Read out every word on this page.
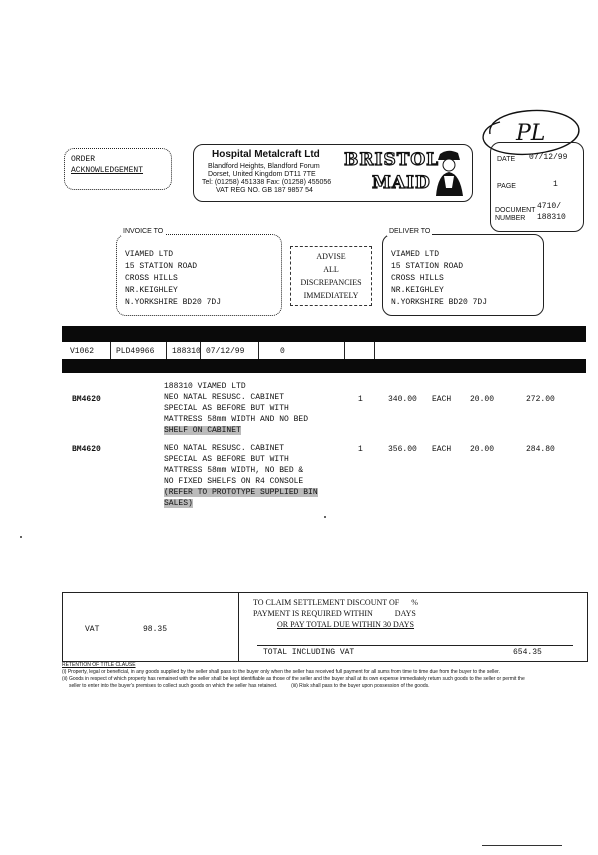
PL
ORDER
ACKNOWLEDGEMENT
Hospital Metalcraft Ltd
Blandford Heights, Blandford Forum
Dorset, United Kingdom DT11 7TE
Tel: (01258) 451338 Fax: (01258) 455056
VAT REG NO. GB 187 9857 54
BRISTOL
MAID
DATE 07/12/99
PAGE	1
DOCUMENT
NUMBER
4710/
188310
INVOICE TO
VIAMED LTD
15 STATION ROAD
CROSS HILLS
NR.KEIGHLEY
N.YORKSHIRE BD20 7DJ
ADVISE
ALL
DISCREPANCIES
IMMEDIATELY
DELIVER TO
VIAMED LTD
15 STATION ROAD
CROSS HILLS
NR.KEIGHLEY
N.YORKSHIRE BD20 7DJ
V1062	PLD49966 188310 07/12/99	0
BM4620
188310 VIAMED LTD
NEO NATAL RESUSC. CABINET
SPECIAL AS BEFORE BUT WITH
MATTRESS 58mm WIDTH AND NO BED
SHELF ON CABINET
1	340.00 EACH 20.00	272.00
BM4620	NEO NATAL RESUSC. CABINET
SPECIAL AS BEFORE BUT WITH
MATTRESS 58mm WIDTH, NO BED &
NO FIXED SHELFS ON R4 CONSOLE
(REFER TO PROTOTYPE SUPPLIED BIN
SALES)
1	356.00 EACH 20.00	284.80
VAT	98.35
TO CLAIM SETTLEMENT DISCOUNT OF %
PAYMENT IS REQUIRED WITHIN	DAYS
OR PAY TOTAL DUE WITHIN 30 DAYS
TOTAL INCLUDING VAT	654.35
RETENTION OF TITLE CLAUSE
(i) Property, legal or beneficial, in any goods supplied by the seller shall pass to the buyer only when the seller has received full payment for all sums from time to time due from the buyer to the seller.
(ii) Goods in respect of which property has remained with the seller shall be kept identifiable as those of the seller and the buyer shall at its own expense immediately return such goods to the seller or permit the
seller to enter into the buyer's premises to collect such goods on which the seller has retained.          (iii) Risk shall pass to the buyer upon possession of the goods.
